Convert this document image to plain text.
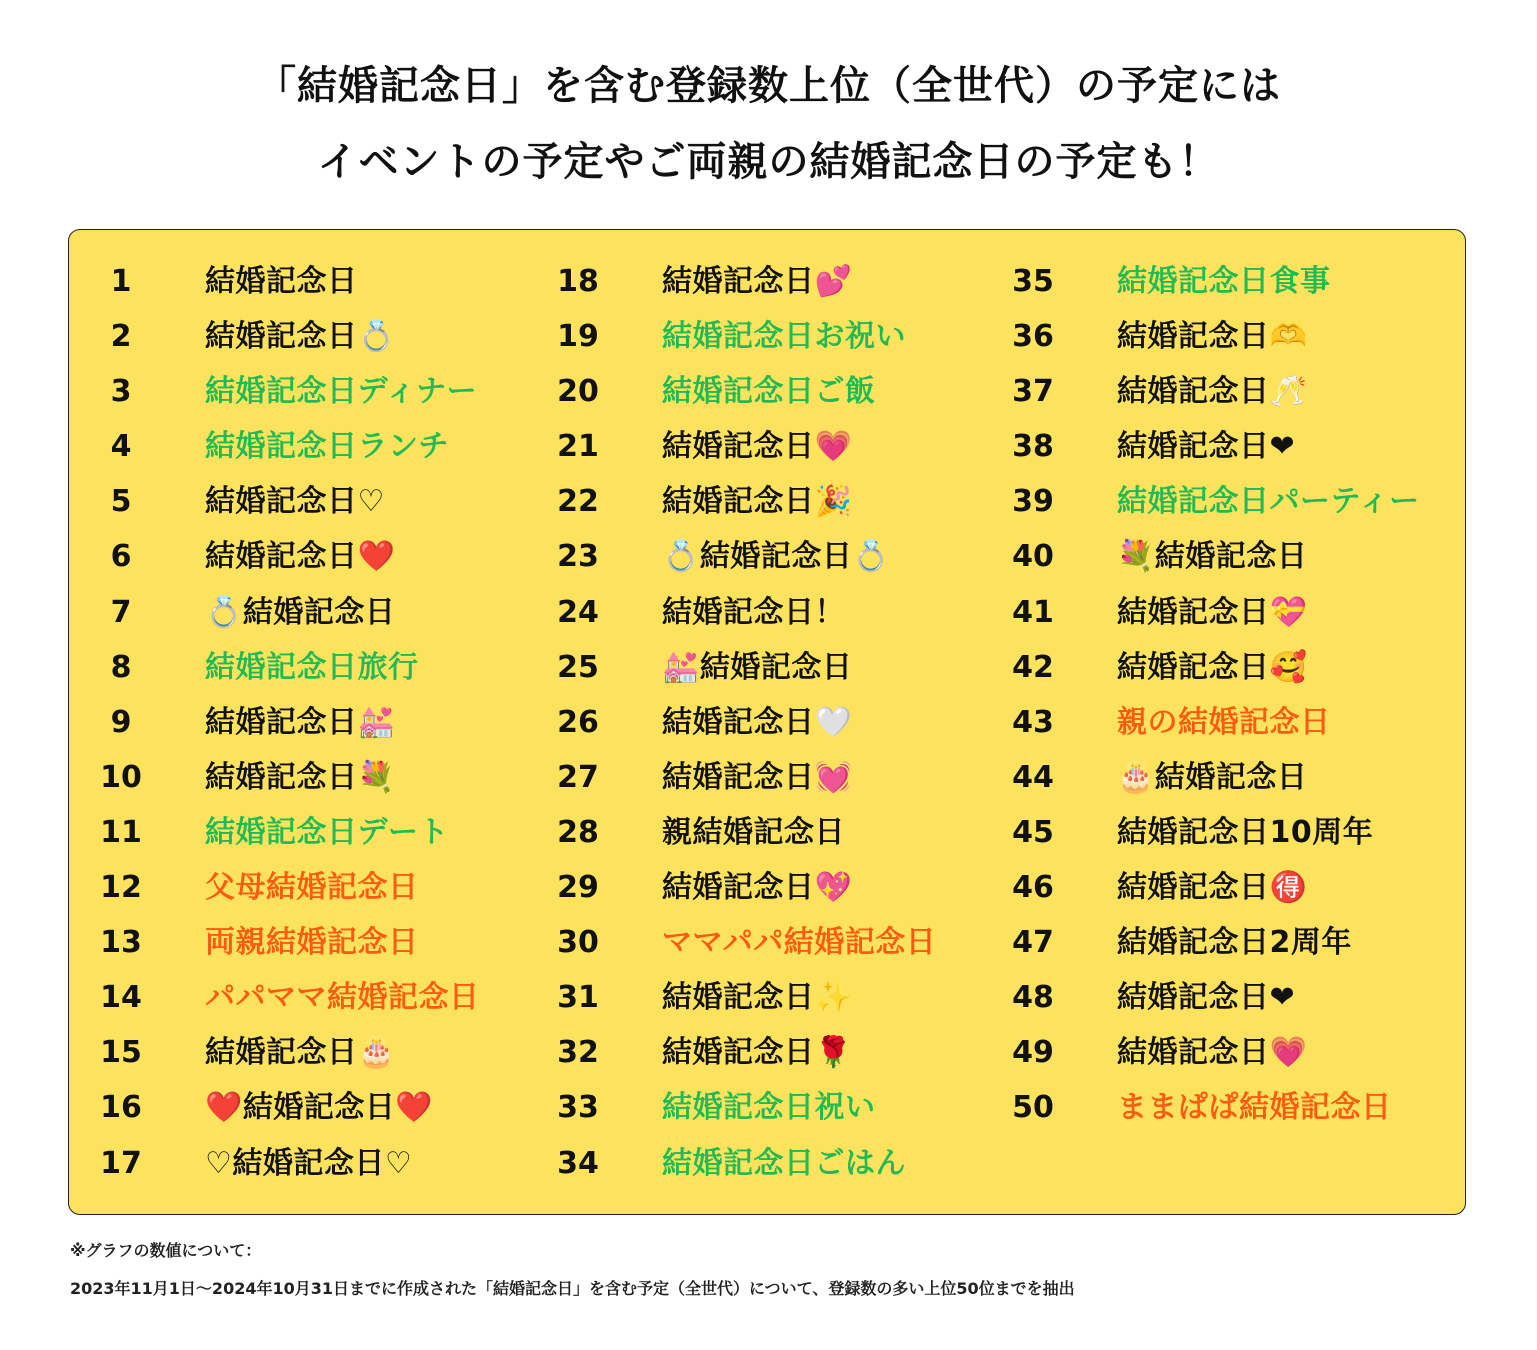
「結婚記念日」を含む登録数上位（全世代）の予定には
イベントの予定やご両親の結婚記念日の予定も！
1	結婚記念日
2	結婚記念日💍
3	結婚記念日ディナー
4	結婚記念日ランチ
5	結婚記念日♡
6	結婚記念日❤️
7	💍結婚記念日
8	結婚記念日旅行
9	結婚記念日💒
10	結婚記念日💐
11	結婚記念日デート
12	父母結婚記念日
13	両親結婚記念日
14	パパママ結婚記念日
15	結婚記念日🎂
16	❤️結婚記念日❤️
17	♡結婚記念日♡
18	結婚記念日💕
19	結婚記念日お祝い
20	結婚記念日ご飯
21	結婚記念日💗
22	結婚記念日🎉
23	💍結婚記念日💍
24	結婚記念日！
25	💒結婚記念日
26	結婚記念日🤍
27	結婚記念日💓
28	親結婚記念日
29	結婚記念日💖
30	ママパパ結婚記念日
31	結婚記念日✨
32	結婚記念日🌹
33	結婚記念日祝い
34	結婚記念日ごはん
35	結婚記念日食事
36	結婚記念日🫶
37	結婚記念日🥂
38	結婚記念日❤
39	結婚記念日パーティー
40	💐結婚記念日
41	結婚記念日💝
42	結婚記念日🥰
43	親の結婚記念日
44	🎂結婚記念日
45	結婚記念日10周年
46	結婚記念日🉐
47	結婚記念日2周年
48	結婚記念日❤
49	結婚記念日💗
50	ままぱぱ結婚記念日
※グラフの数値について：
2023年11月1日～2024年10月31日までに作成された「結婚記念日」を含む予定（全世代）について、登録数の多い上位50位までを抽出
